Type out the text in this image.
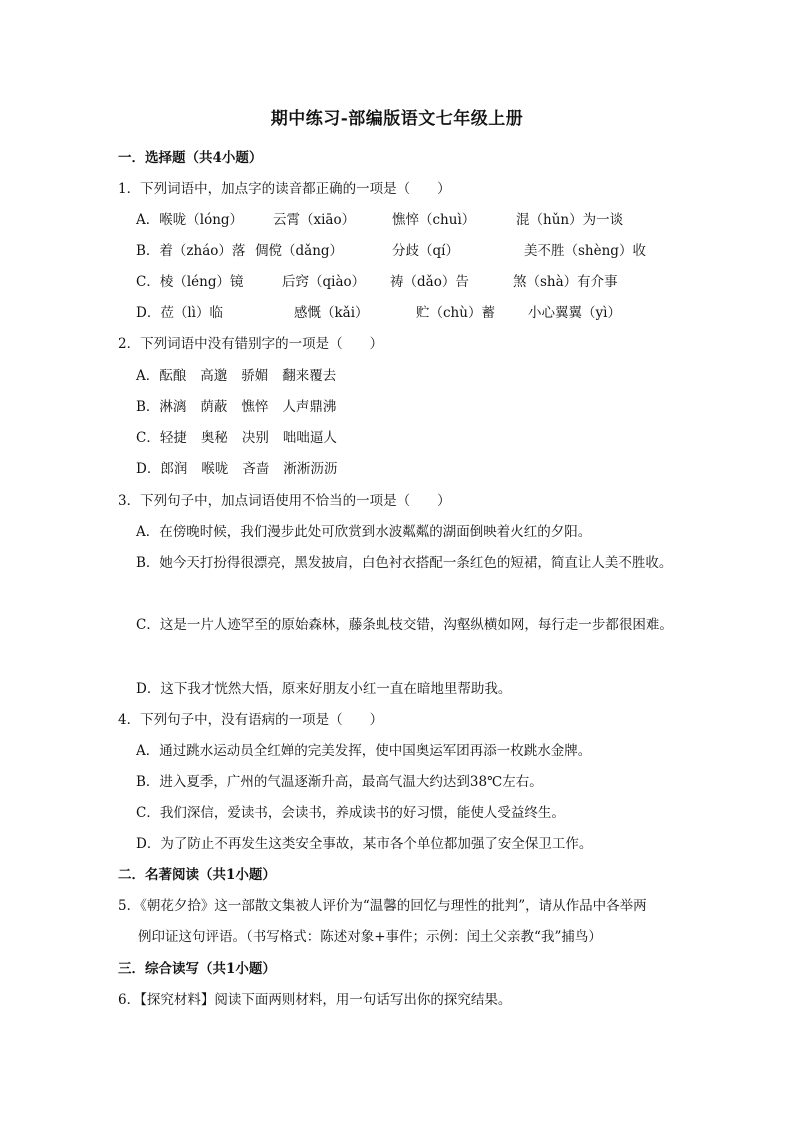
期中练习-部编版语文七年级上册
一．选择题（共4小题）
1．下列词语中，加点字的读音都正确的一项是（　　）
A．喉咙（lóng） 云霄（xiāo）	憔悴（chuì）	混（hǔn）为一谈
B．着（zháo）落 倜傥（dǎng）	分歧（qí）	美不胜（shèng）收
C．棱（léng）镜	后窍（qiào） 祷（dǎo）告	煞（shà）有介事
D．莅（lì）临	感慨（kǎi）	贮（chù）蓄 小心翼翼（yì）
2．下列词语中没有错别字的一项是（　　）
A．酝酿 高邈 骄媚 翻来覆去
B．淋漓 荫蔽 憔悴 人声鼎沸
C．轻捷 奥秘 决别 咄咄逼人
D．郎润 喉咙 吝啬 淅淅沥沥
3．下列句子中，加点词语使用不恰当的一项是（　　）
A．在傍晚时候，我们漫步此处可欣赏到水波粼粼的湖面倒映着火红的夕阳。
B．她今天打扮得很漂亮，黑发披肩，白色衬衣搭配一条红色的短裙，简直让人美不胜收。
C．这是一片人迹罕至的原始森林，藤条虬枝交错，沟壑纵横如网，每行走一步都很困难。
D．这下我才恍然大悟，原来好朋友小红一直在暗地里帮助我。
4．下列句子中，没有语病的一项是（　　）
A．通过跳水运动员全红婵的完美发挥，使中国奥运军团再添一枚跳水金牌。
B．进入夏季，广州的气温逐渐升高，最高气温大约达到38℃左右。
C．我们深信，爱读书，会读书，养成读书的好习惯，能使人受益终生。
D．为了防止不再发生这类安全事故，某市各个单位都加强了安全保卫工作。
二．名著阅读（共1小题）
5．《朝花夕拾》这一部散文集被人评价为“温馨的回忆与理性的批判”，请从作品中各举两
例印证这句评语。（书写格式：陈述对象+事件；示例：闰土父亲教“我”捕鸟）
三．综合读写（共1小题）
6．【探究材料】阅读下面两则材料，用一句话写出你的探究结果。
